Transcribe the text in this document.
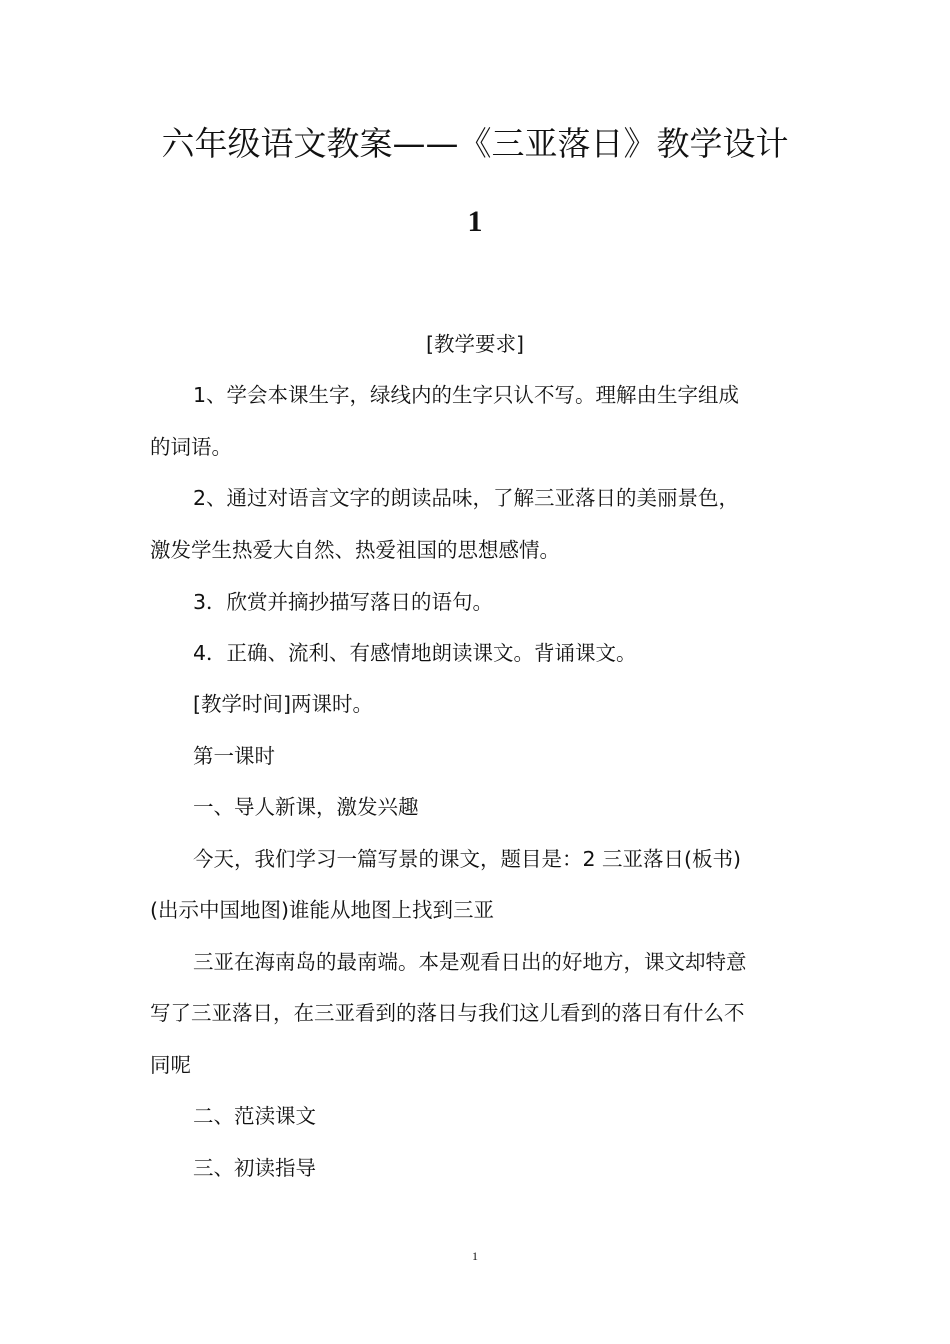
六年级语文教案——《三亚落日》教学设计
1
[教学要求]
1、学会本课生字，绿线内的生字只认不写。理解由生字组成
的词语。
2、通过对语言文字的朗读品味，了解三亚落日的美丽景色，
激发学生热爱大自然、热爱祖国的思想感情。
3．欣赏并摘抄描写落日的语句。
4．正确、流利、有感情地朗读课文。背诵课文。
[教学时间]两课时。
第一课时
一、导人新课，激发兴趣
今天，我们学习一篇写景的课文，题目是：2 三亚落日(板书)
(出示中国地图)谁能从地图上找到三亚
三亚在海南岛的最南端。本是观看日出的好地方，课文却特意
写了三亚落日，在三亚看到的落日与我们这儿看到的落日有什么不
同呢
二、范渎课文
三、初读指导
1
